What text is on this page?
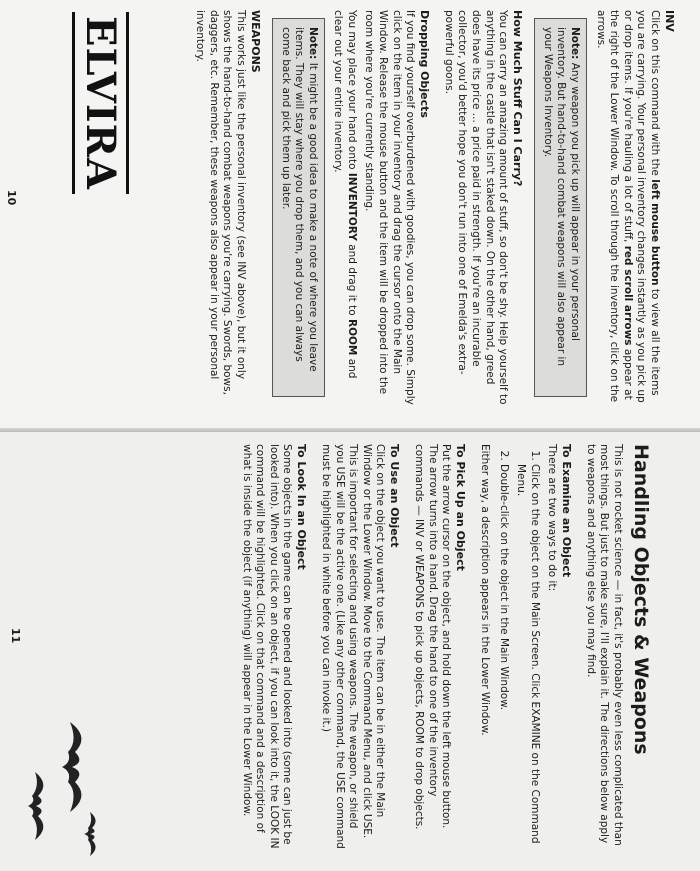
INV

Click on this command with the left mouse button to view all the items you are carrying. Your personal inventory changes instantly as you pick up or drop items. If you're hauling a lot of stuff, red scroll arrows appear at the right of the Lower Window. To scroll through the inventory, click on the arrows.

Note: Any weapon you pick up will appear in your personal inventory. But hand-to-hand combat weapons will also appear in your Weapons Inventory.
How Much Stuff Can I Carry?

You can carry an amazing amount of stuff, so don't be shy. Help yourself to anything in the castle that isn't staked down. On the other hand, greed does have its price ... a price paid in strength. If you're an incurable collector, you'd better hope you don't run into one of Emelda's extra-powerful goons.

Dropping Objects

If you find yourself overburdened with goodies, you can drop some. Simply click on the item in your inventory and drag the cursor onto the Main Window. Release the mouse button and the item will be dropped into the room where you're currently standing.

You may place your hand onto INVENTORY and drag it to ROOM and clear out your entire inventory.

Note: It might be a good idea to make a note of where you leave items. They will stay where you drop them, and you can always come back and pick them up later.
WEAPONS

This works just like the personal inventory (see INV above), but it only shows the hand-to-hand combat weapons you're carrying. Swords, bows, daggers, etc. Remember, these weapons also appear in your personal inventory.

ELVIRA
10
Handling Objects & Weapons

This is not rocket science — in fact, it's probably even less complicated than most things. But just to make sure, I'll explain it. The directions below apply to weapons and anything else you may find.

To Examine an Object

There are two ways to do it:

1. Click on the object on the Main Screen. Click EXAMINE on the Command Menu.
2. Double-click on the object in the Main Window.

Either way, a description appears in the Lower Window.

To Pick Up an Object

Put the arrow cursor on the object, and hold down the left mouse button. The arrow turns into a hand. Drag the hand to one of the inventory commands — INV or WEAPONS to pick up objects, ROOM to drop objects.

To Use an Object

Click on the object you want to use. The item can be in either the Main Window or the Lower Window. Move to the Command Menu, and click USE. This is important for selecting and using weapons. The weapon, or shield you USE will be the active one. (Like any other command, the USE command must be highlighted in white before you can invoke it.)

To Look In an Object

Some objects in the game can be opened and looked into (some can just be looked into). When you click on an object, if you can look into it, the LOOK IN command will be highlighted. Click on that command and a description of what is inside the object (if anything) will appear in the Lower Window.

11
